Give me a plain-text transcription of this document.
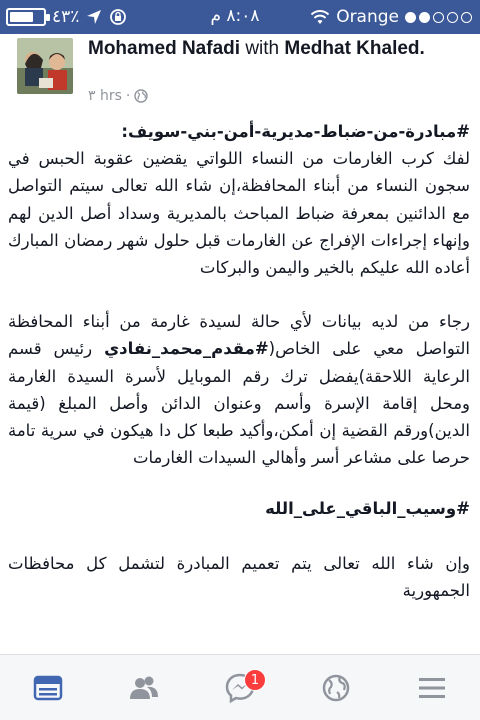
٤٣٪	٨:٠٨ م	Orange
Mohamed Nafadi with Medhat Khaled.
٣ hrs ·

#مبادرة-من-ضباط-مديرية-أمن-بني-سويف:
لفك كرب الغارمات من النساء اللواتي يقضين عقوبة الحبس في سجون النساء من أبناء المحافظة،إن شاء الله تعالى سيتم التواصل مع الدائنين بمعرفة ضباط المباحث بالمديرية وسداد أصل الدين لهم وإنهاء إجراءات الإفراج عن الغارمات قبل حلول شهر رمضان المبارك أعاده الله عليكم بالخير واليمن والبركات

رجاء من لديه بيانات لأي حالة لسيدة غارمة من أبناء المحافظة التواصل معي على الخاص(#مقدم_محمد_نفادي رئيس قسم الرعاية اللاحقة)يفضل ترك رقم الموبايل لأسرة السيدة الغارمة ومحل إقامة الإسرة وأسم وعنوان الدائن وأصل المبلغ (قيمة الدين)ورقم القضية إن أمكن،وأكيد طبعا كل دا هيكون في سرية تامة حرصا على مشاعر أسر وأهالي السيدات الغارمات

#وسيب_الباقي_على_الله

وإن شاء الله تعالى يتم تعميم المبادرة لتشمل كل محافظات الجمهورية

1
